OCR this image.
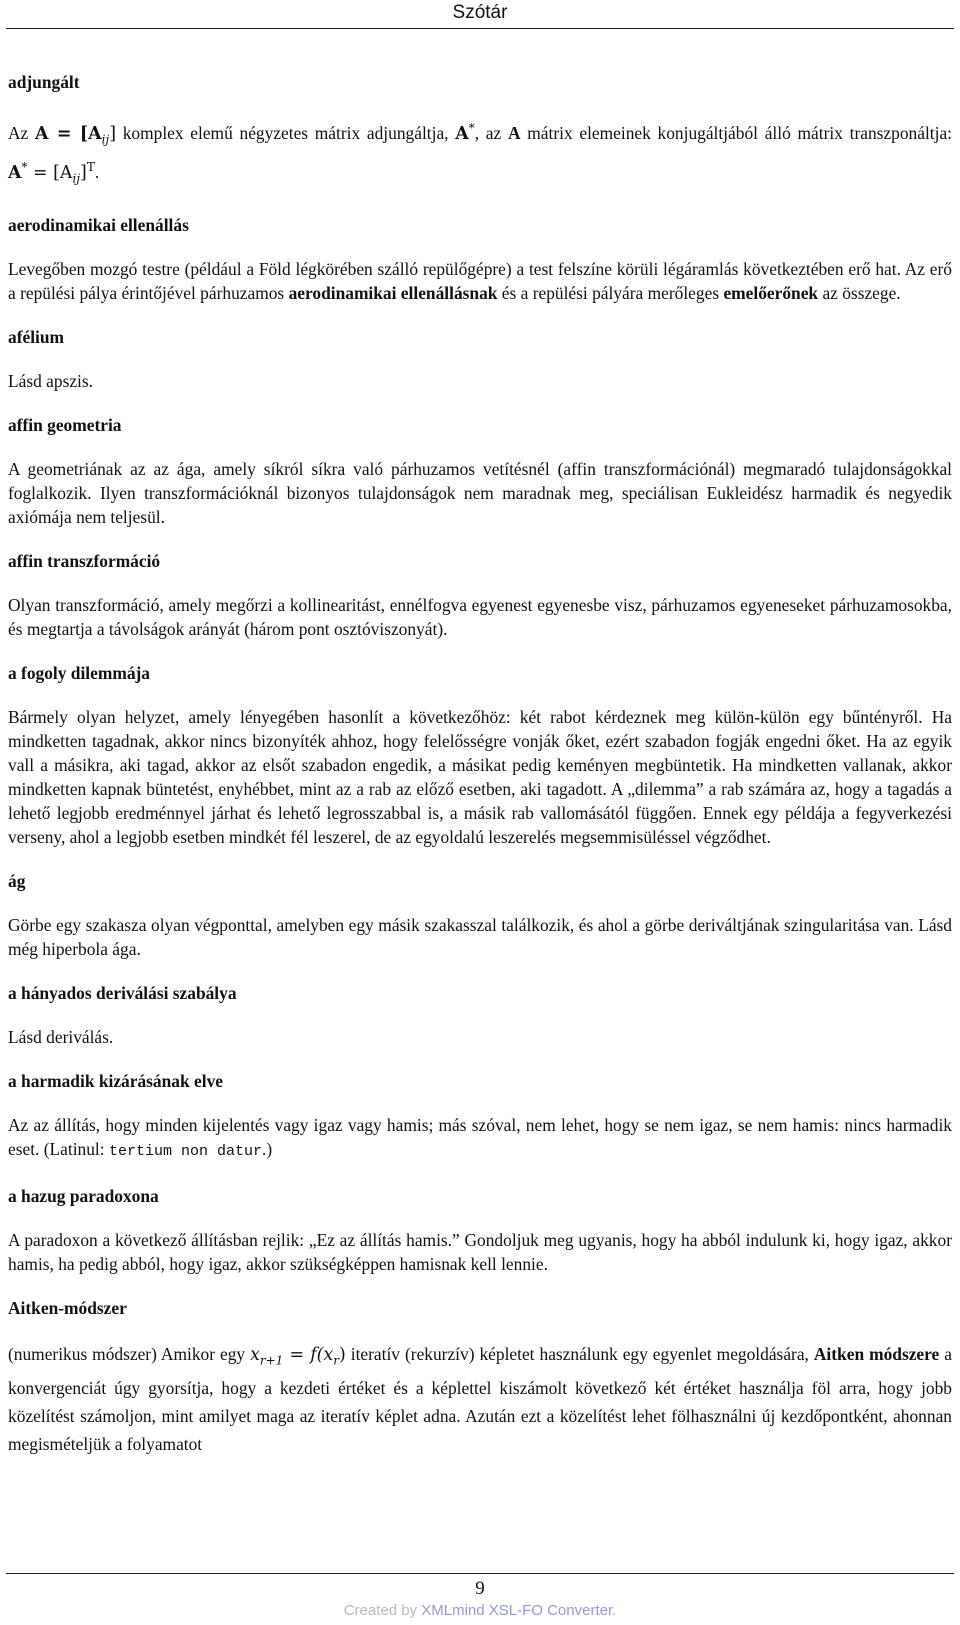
Szótár
adjungált
Az $A = [A_{ij}]$ komplex elemű négyzetes mátrix adjungáltja, A*, az A mátrix elemeinek konjugáltjából álló mátrix transzponáltja: $A^* = [A_{ij}]^T$.
aerodinamikai ellenállás
Levegőben mozgó testre (például a Föld légkörében szálló repülőgépre) a test felszíne körüli légáramlás következtében erő hat. Az erő a repülési pálya érintőjével párhuzamos aerodinamikai ellenállásnak és a repülési pályára merőleges emelőerőnek az összege.
afélium
Lásd apszis.
affin geometria
A geometriának az az ága, amely síkról síkra való párhuzamos vetítésnél (affin transzformációnál) megmaradó tulajdonságokkal foglalkozik. Ilyen transzformációknál bizonyos tulajdonságok nem maradnak meg, speciálisan Eukleidész harmadik és negyedik axiómája nem teljesül.
affin transzformáció
Olyan transzformáció, amely megőrzi a kollinearitást, ennélfogva egyenest egyenesbe visz, párhuzamos egyeneseket párhuzamosokba, és megtartja a távolságok arányát (három pont osztóviszonyát).
a fogoly dilemmája
Bármely olyan helyzet, amely lényegében hasonlít a következőhöz: két rabot kérdeznek meg külön-külön egy bűntényről. Ha mindketten tagadnak, akkor nincs bizonyíték ahhoz, hogy felelősségre vonják őket, ezért szabadon fogják engedni őket. Ha az egyik vall a másikra, aki tagad, akkor az elsőt szabadon engedik, a másikat pedig keményen megbüntetik. Ha mindketten vallanak, akkor mindketten kapnak büntetést, enyhébbet, mint az a rab az előző esetben, aki tagadott. A „dilemma” a rab számára az, hogy a tagadás a lehető legjobb eredménnyel járhat és lehető legrosszabbal is, a másik rab vallomásától függően. Ennek egy példája a fegyverkezési verseny, ahol a legjobb esetben mindkét fél leszerel, de az egyoldalú leszerelés megsemmisüléssel végződhet.
ág
Görbe egy szakasza olyan végponttal, amelyben egy másik szakasszal találkozik, és ahol a görbe deriváltjának szingularitása van. Lásd még hiperbola ága.
a hányados deriválási szabálya
Lásd deriválás.
a harmadik kizárásának elve
Az az állítás, hogy minden kijelentés vagy igaz vagy hamis; más szóval, nem lehet, hogy se nem igaz, se nem hamis: nincs harmadik eset. (Latinul: tertium non datur.)
a hazug paradoxona
A paradoxon a következő állításban rejlik: „Ez az állítás hamis.” Gondoljuk meg ugyanis, hogy ha abból indulunk ki, hogy igaz, akkor hamis, ha pedig abból, hogy igaz, akkor szükségképpen hamisnak kell lennie.
Aitken-módszer
(numerikus módszer) Amikor egy $x_{r+1} = f(x_r)$ iteratív (rekurzív) képletet használunk egy egyenlet megoldására, Aitken módszere a konvergenciát úgy gyorsítja, hogy a kezdeti értéket és a képlettel kiszámolt következő két értéket használja föl arra, hogy jobb közelítést számoljon, mint amilyet maga az iteratív képlet adna. Azután ezt a közelítést lehet fölhasználni új kezdőpontként, ahonnan megismételjük a folyamatot
9
Created by XMLmind XSL-FO Converter.
